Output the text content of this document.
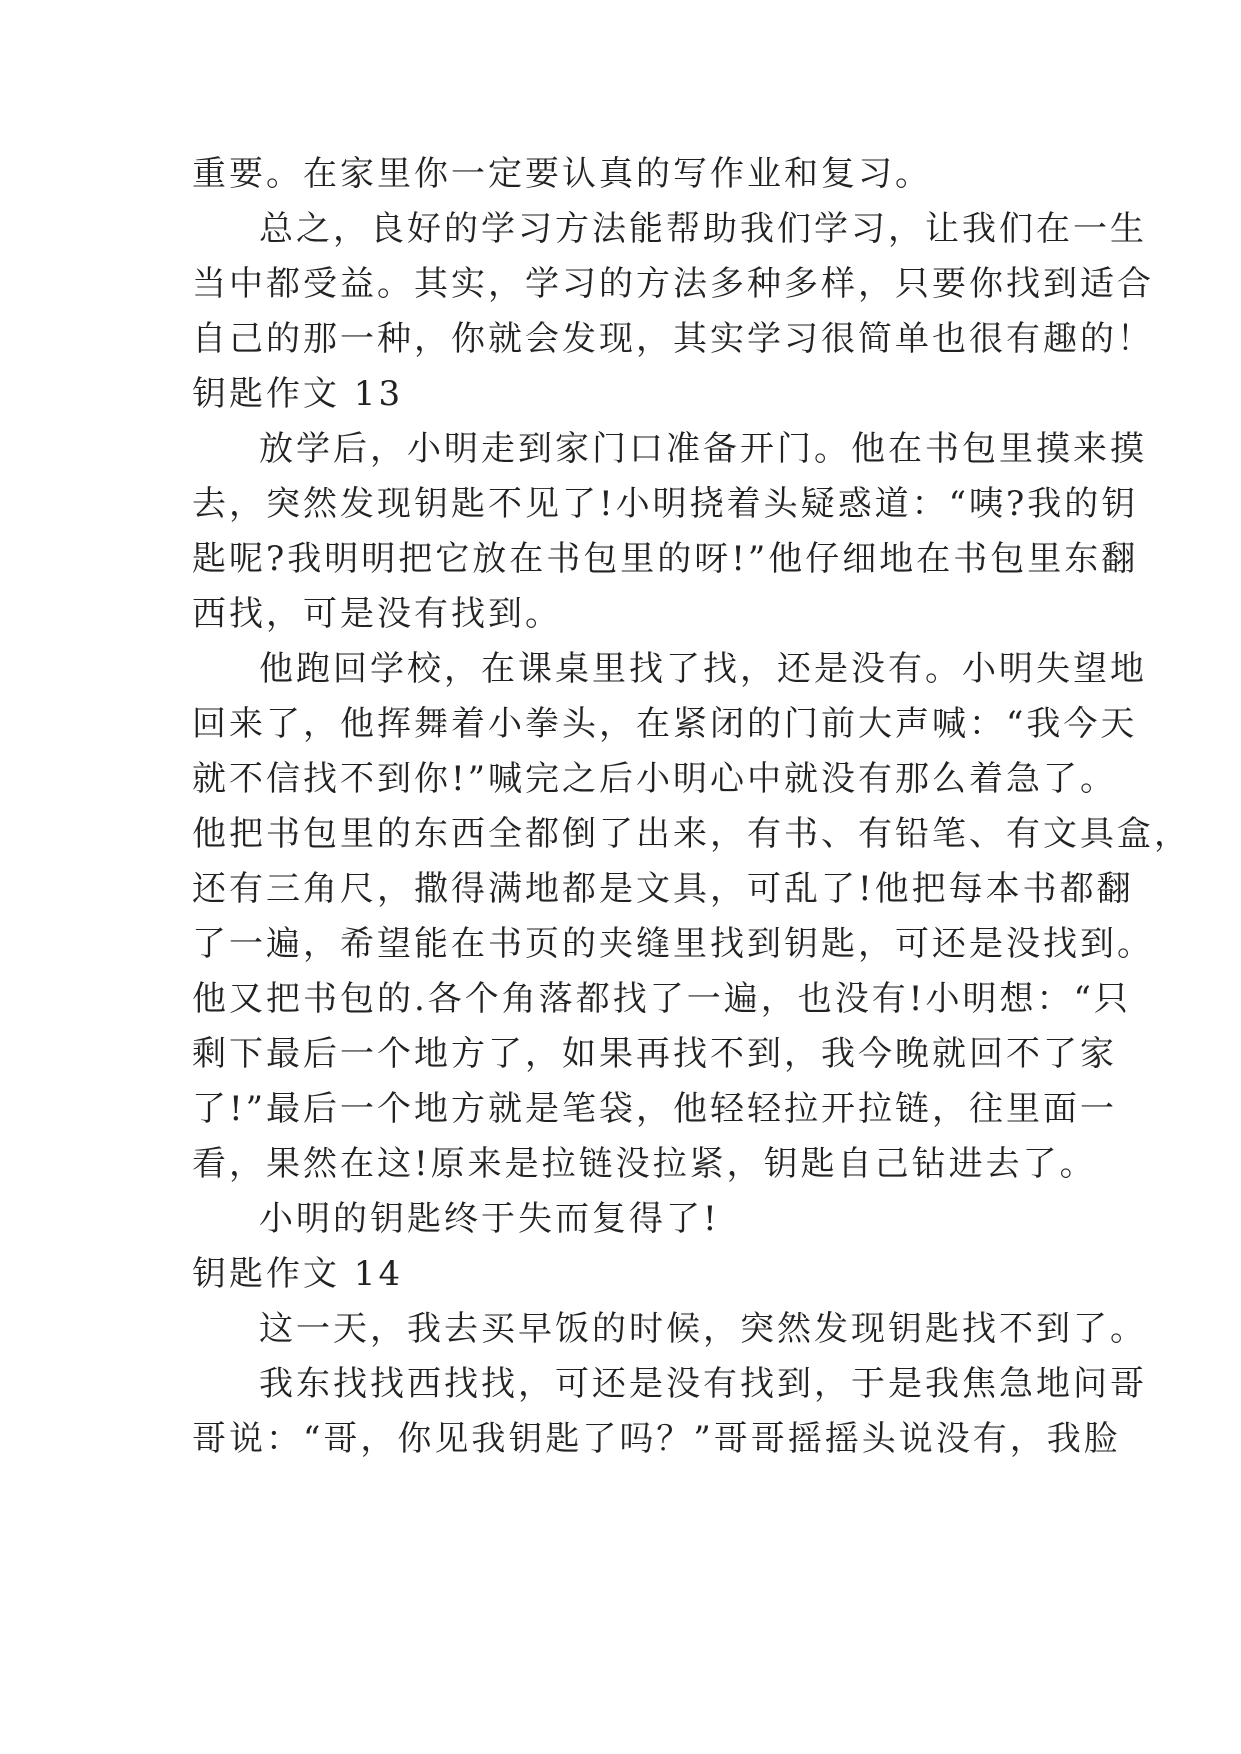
重要。在家里你一定要认真的写作业和复习。
总之，良好的学习方法能帮助我们学习，让我们在一生
当中都受益。其实，学习的方法多种多样，只要你找到适合
自己的那一种，你就会发现，其实学习很简单也很有趣的！
钥匙作文 13
放学后，小明走到家门口准备开门。他在书包里摸来摸
去，突然发现钥匙不见了!小明挠着头疑惑道：“咦?我的钥
匙呢?我明明把它放在书包里的呀!”他仔细地在书包里东翻
西找，可是没有找到。
他跑回学校，在课桌里找了找，还是没有。小明失望地
回来了，他挥舞着小拳头，在紧闭的门前大声喊：“我今天
就不信找不到你!”喊完之后小明心中就没有那么着急了。
他把书包里的东西全都倒了出来，有书、有铅笔、有文具盒，
还有三角尺，撒得满地都是文具，可乱了!他把每本书都翻
了一遍，希望能在书页的夹缝里找到钥匙，可还是没找到。
他又把书包的.各个角落都找了一遍，也没有!小明想：“只
剩下最后一个地方了，如果再找不到，我今晚就回不了家
了!”最后一个地方就是笔袋，他轻轻拉开拉链，往里面一
看，果然在这!原来是拉链没拉紧，钥匙自己钻进去了。
小明的钥匙终于失而复得了!
钥匙作文 14
这一天，我去买早饭的时候，突然发现钥匙找不到了。
我东找找西找找，可还是没有找到，于是我焦急地问哥
哥说：“哥，你见我钥匙了吗？”哥哥摇摇头说没有，我脸
